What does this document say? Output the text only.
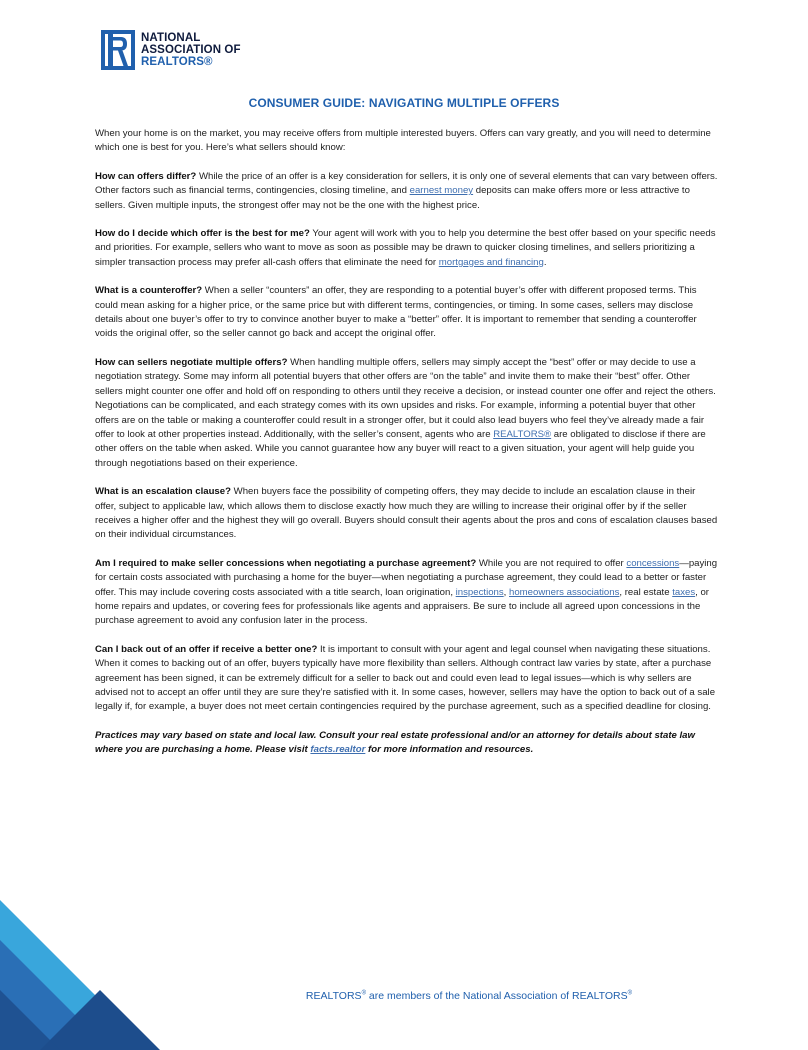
NATIONAL
ASSOCIATION OF
REALTORS®
CONSUMER GUIDE: NAVIGATING MULTIPLE OFFERS

When your home is on the market, you may receive offers from multiple interested buyers. Offers can vary greatly, and you will need to determine which one is best for you. Here’s what sellers should know:

How can offers differ? While the price of an offer is a key consideration for sellers, it is only one of several elements that can vary between offers. Other factors such as financial terms, contingencies, closing timeline, and earnest money deposits can make offers more or less attractive to sellers. Given multiple inputs, the strongest offer may not be the one with the highest price.

How do I decide which offer is the best for me? Your agent will work with you to help you determine the best offer based on your specific needs and priorities. For example, sellers who want to move as soon as possible may be drawn to quicker closing timelines, and sellers prioritizing a simpler transaction process may prefer all-cash offers that eliminate the need for mortgages and financing.

What is a counteroffer? When a seller “counters” an offer, they are responding to a potential buyer’s offer with different proposed terms. This could mean asking for a higher price, or the same price but with different terms, contingencies, or timing. In some cases, sellers may disclose details about one buyer’s offer to try to convince another buyer to make a “better” offer. It is important to remember that sending a counteroffer voids the original offer, so the seller cannot go back and accept the original offer.

How can sellers negotiate multiple offers? When handling multiple offers, sellers may simply accept the “best” offer or may decide to use a negotiation strategy. Some may inform all potential buyers that other offers are “on the table” and invite them to make their “best” offer. Other sellers might counter one offer and hold off on responding to others until they receive a decision, or instead counter one offer and reject the others. Negotiations can be complicated, and each strategy comes with its own upsides and risks. For example, informing a potential buyer that other offers are on the table or making a counteroffer could result in a stronger offer, but it could also lead buyers who feel they’ve already made a fair offer to look at other properties instead. Additionally, with the seller’s consent, agents who are REALTORS® are obligated to disclose if there are other offers on the table when asked. While you cannot guarantee how any buyer will react to a given situation, your agent will help guide you through negotiations based on their experience.

What is an escalation clause? When buyers face the possibility of competing offers, they may decide to include an escalation clause in their offer, subject to applicable law, which allows them to disclose exactly how much they are willing to increase their original offer by if the seller receives a higher offer and the highest they will go overall. Buyers should consult their agents about the pros and cons of escalation clauses based on their individual circumstances.

Am I required to make seller concessions when negotiating a purchase agreement? While you are not required to offer concessions—paying for certain costs associated with purchasing a home for the buyer—when negotiating a purchase agreement, they could lead to a better or faster offer. This may include covering costs associated with a title search, loan origination, inspections, homeowners associations, real estate taxes, or home repairs and updates, or covering fees for professionals like agents and appraisers. Be sure to include all agreed upon concessions in the purchase agreement to avoid any confusion later in the process.

Can I back out of an offer if receive a better one? It is important to consult with your agent and legal counsel when navigating these situations. When it comes to backing out of an offer, buyers typically have more flexibility than sellers. Although contract law varies by state, after a purchase agreement has been signed, it can be extremely difficult for a seller to back out and could even lead to legal issues—which is why sellers are advised not to accept an offer until they are sure they’re satisfied with it. In some cases, however, sellers may have the option to back out of a sale legally if, for example, a buyer does not meet certain contingencies required by the purchase agreement, such as a specified deadline for closing.

Practices may vary based on state and local law. Consult your real estate professional and/or an attorney for details about state law where you are purchasing a home. Please visit facts.realtor for more information and resources.

REALTORS® are members of the National Association of REALTORS®
